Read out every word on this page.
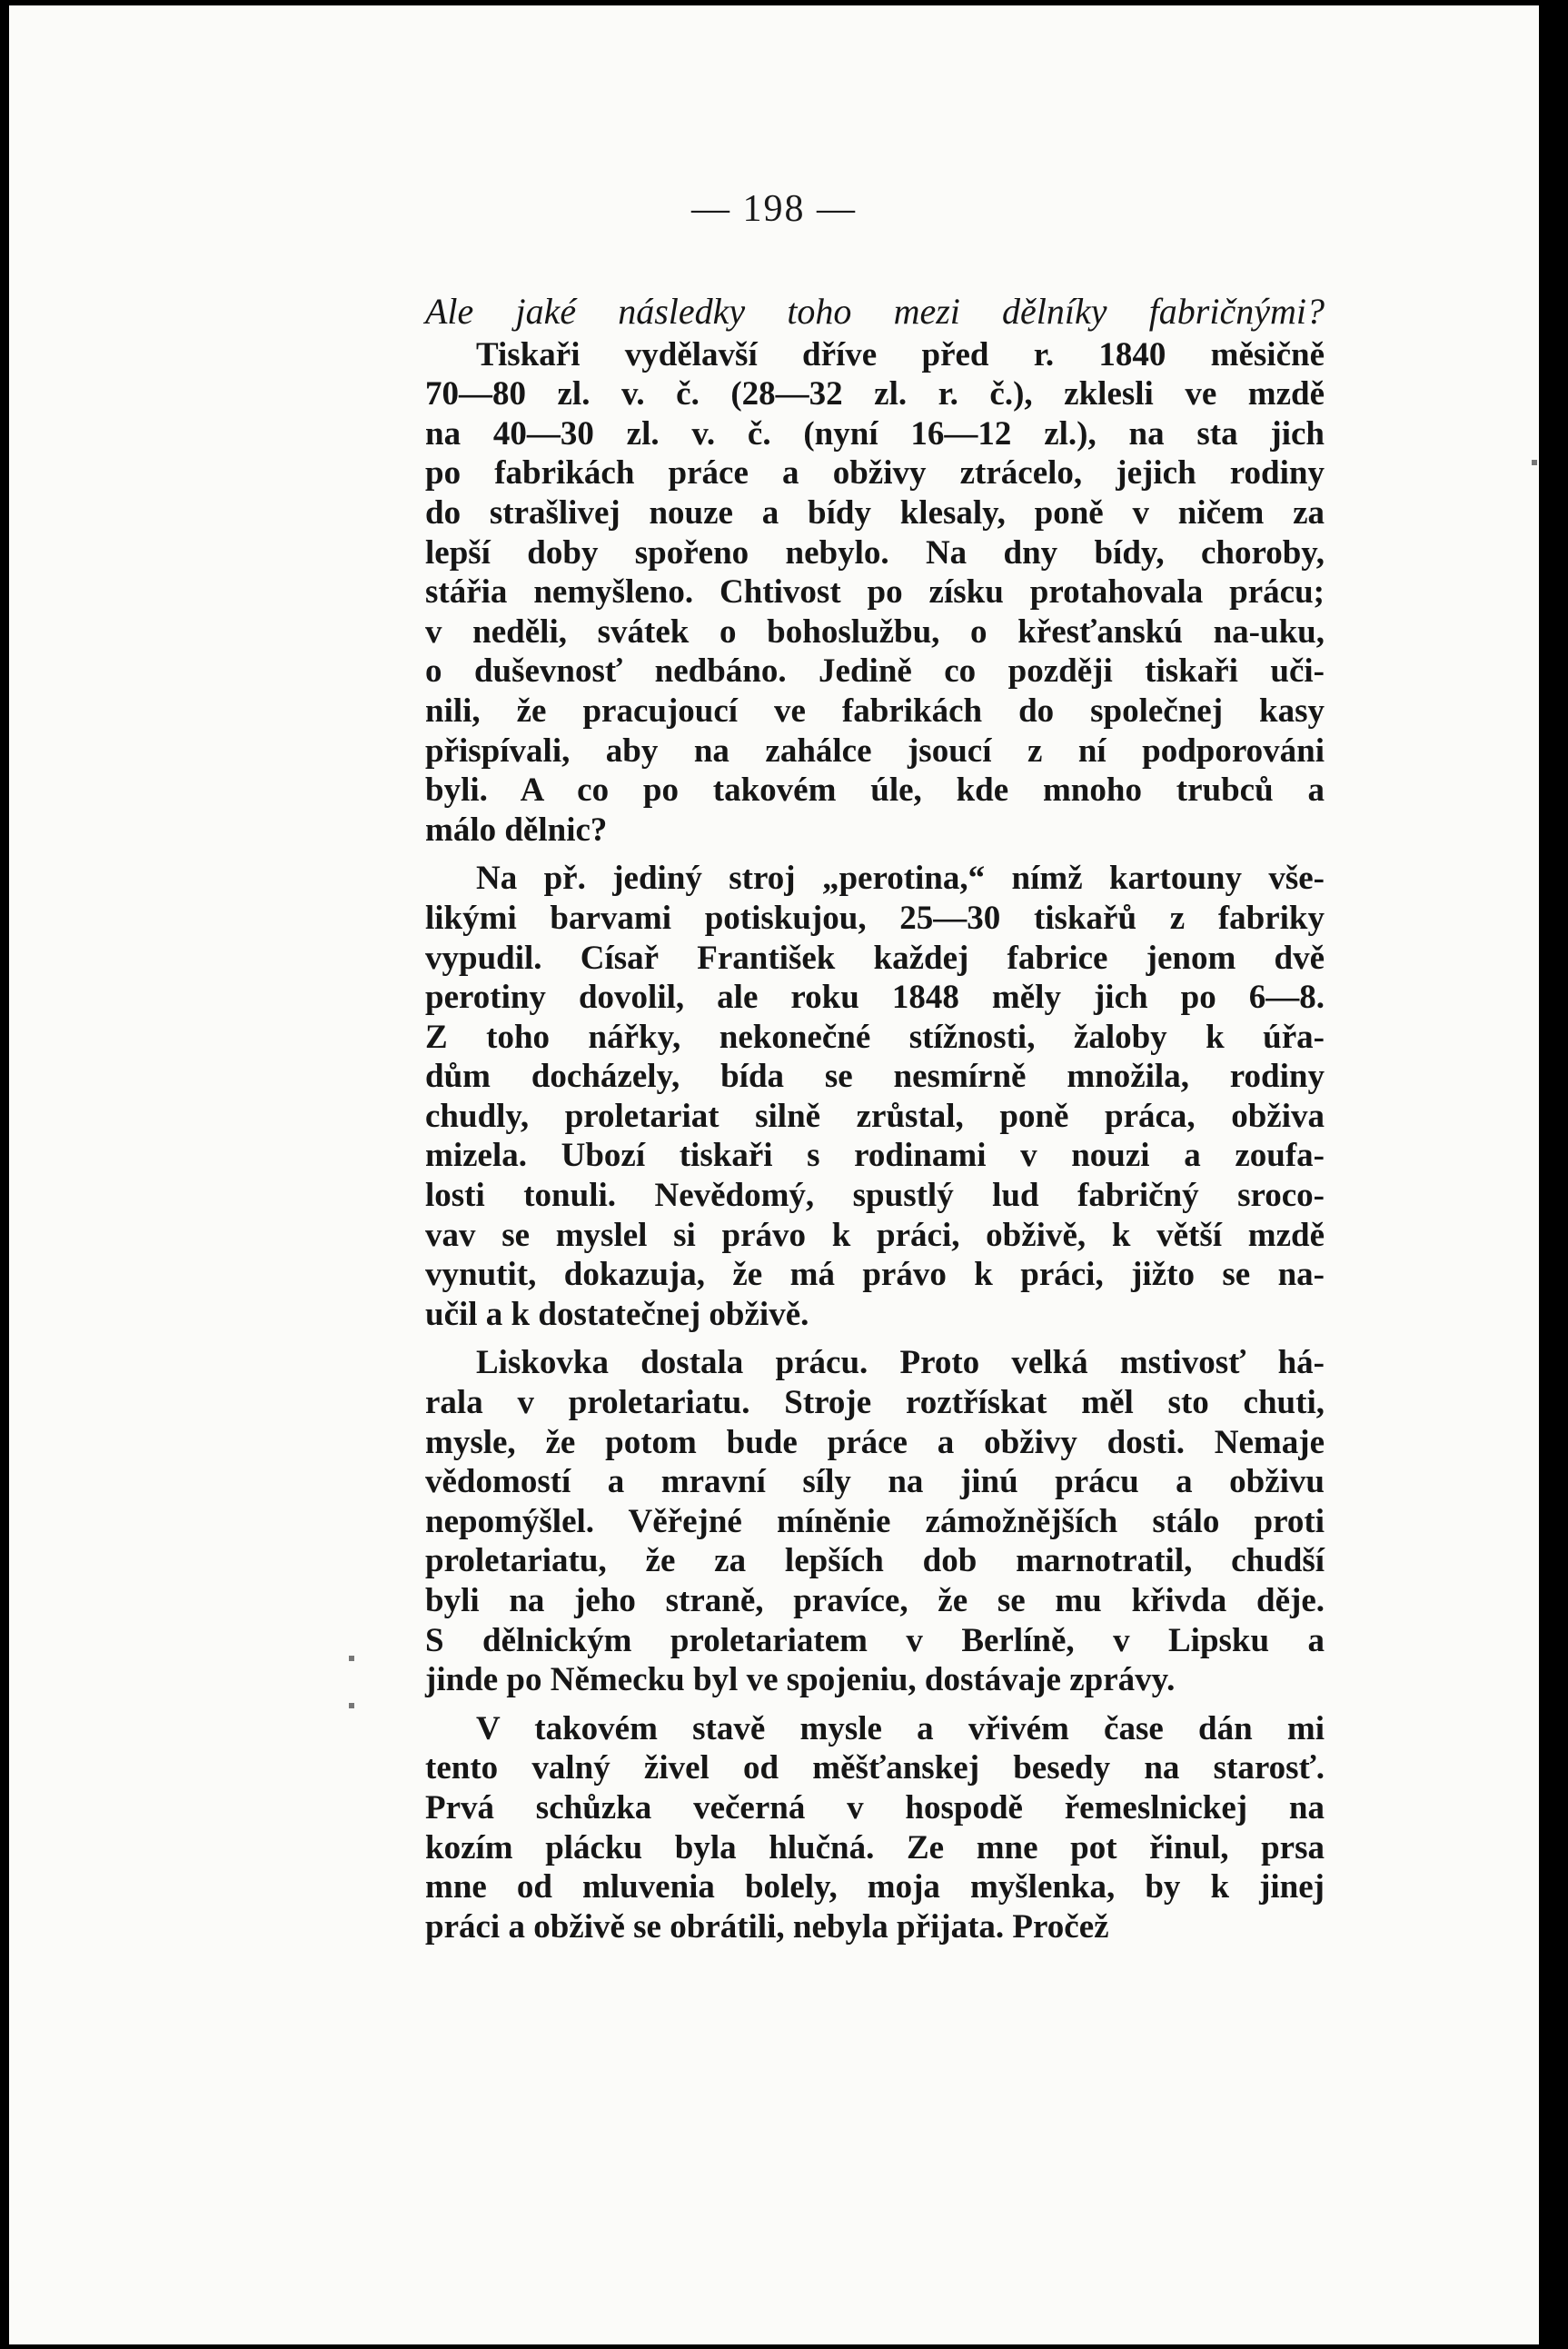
— 198 —
Ale jaké následky toho mezi dělníky fabričnými?
Tiskaři vydělavší dříve před r. 1840 měsičně
70—80 zl. v. č. (28—32 zl. r. č.), zklesli ve mzdě
na 40—30 zl. v. č. (nyní 16—12 zl.), na sta jich
po fabrikách práce a obživy ztrácelo, jejich rodiny
do strašlivej nouze a bídy klesaly, poně v ničem za
lepší doby spořeno nebylo. Na dny bídy, choroby,
stářia nemyšleno. Chtivost po získu protahovala prácu;
v neděli, svátek o bohoslužbu, o křesťanskú na-uku,
o duševnosť nedbáno. Jedině co později tiskaři uči-
nili, že pracujoucí ve fabrikách do společnej kasy
přispívali, aby na zahálce jsoucí z ní podporováni
byli. A co po takovém úle, kde mnoho trubců a
málo dělnic?
Na př. jediný stroj „perotina,“ nímž kartouny vše-
likými barvami potiskujou, 25—30 tiskařů z fabriky
vypudil. Císař František každej fabrice jenom dvě
perotiny dovolil, ale roku 1848 měly jich po 6—8.
Z toho nářky, nekonečné stížnosti, žaloby k úřa-
dům docházely, bída se nesmírně množila, rodiny
chudly, proletariat silně zrůstal, poně práca, obživa
mizela. Ubozí tiskaři s rodinami v nouzi a zoufa-
losti tonuli. Nevědomý, spustlý lud fabričný sroco-
vav se myslel si právo k práci, obživě, k větší mzdě
vynutit, dokazuja, že má právo k práci, jižto se na-
učil a k dostatečnej obživě.
Liskovka dostala prácu. Proto velká mstivosť há-
rala v proletariatu. Stroje roztřískat měl sto chuti,
mysle, že potom bude práce a obživy dosti. Nemaje
vědomostí a mravní síly na jinú prácu a obživu
nepomýšlel. Věřejné míněnie zámožnějších stálo proti
proletariatu, že za lepších dob marnotratil, chudší
byli na jeho straně, pravíce, že se mu křivda děje.
S dělnickým proletariatem v Berlíně, v Lipsku a
jinde po Německu byl ve spojeniu, dostávaje zprávy.
V takovém stavě mysle a vřivém čase dán mi
tento valný živel od měšťanskej besedy na starosť.
Prvá schůzka večerná v hospodě řemeslnickej na
kozím plácku byla hlučná. Ze mne pot řinul, prsa
mne od mluvenia bolely, moja myšlenka, by k jinej
práci a obživě se obrátili, nebyla přijata. Pročež
